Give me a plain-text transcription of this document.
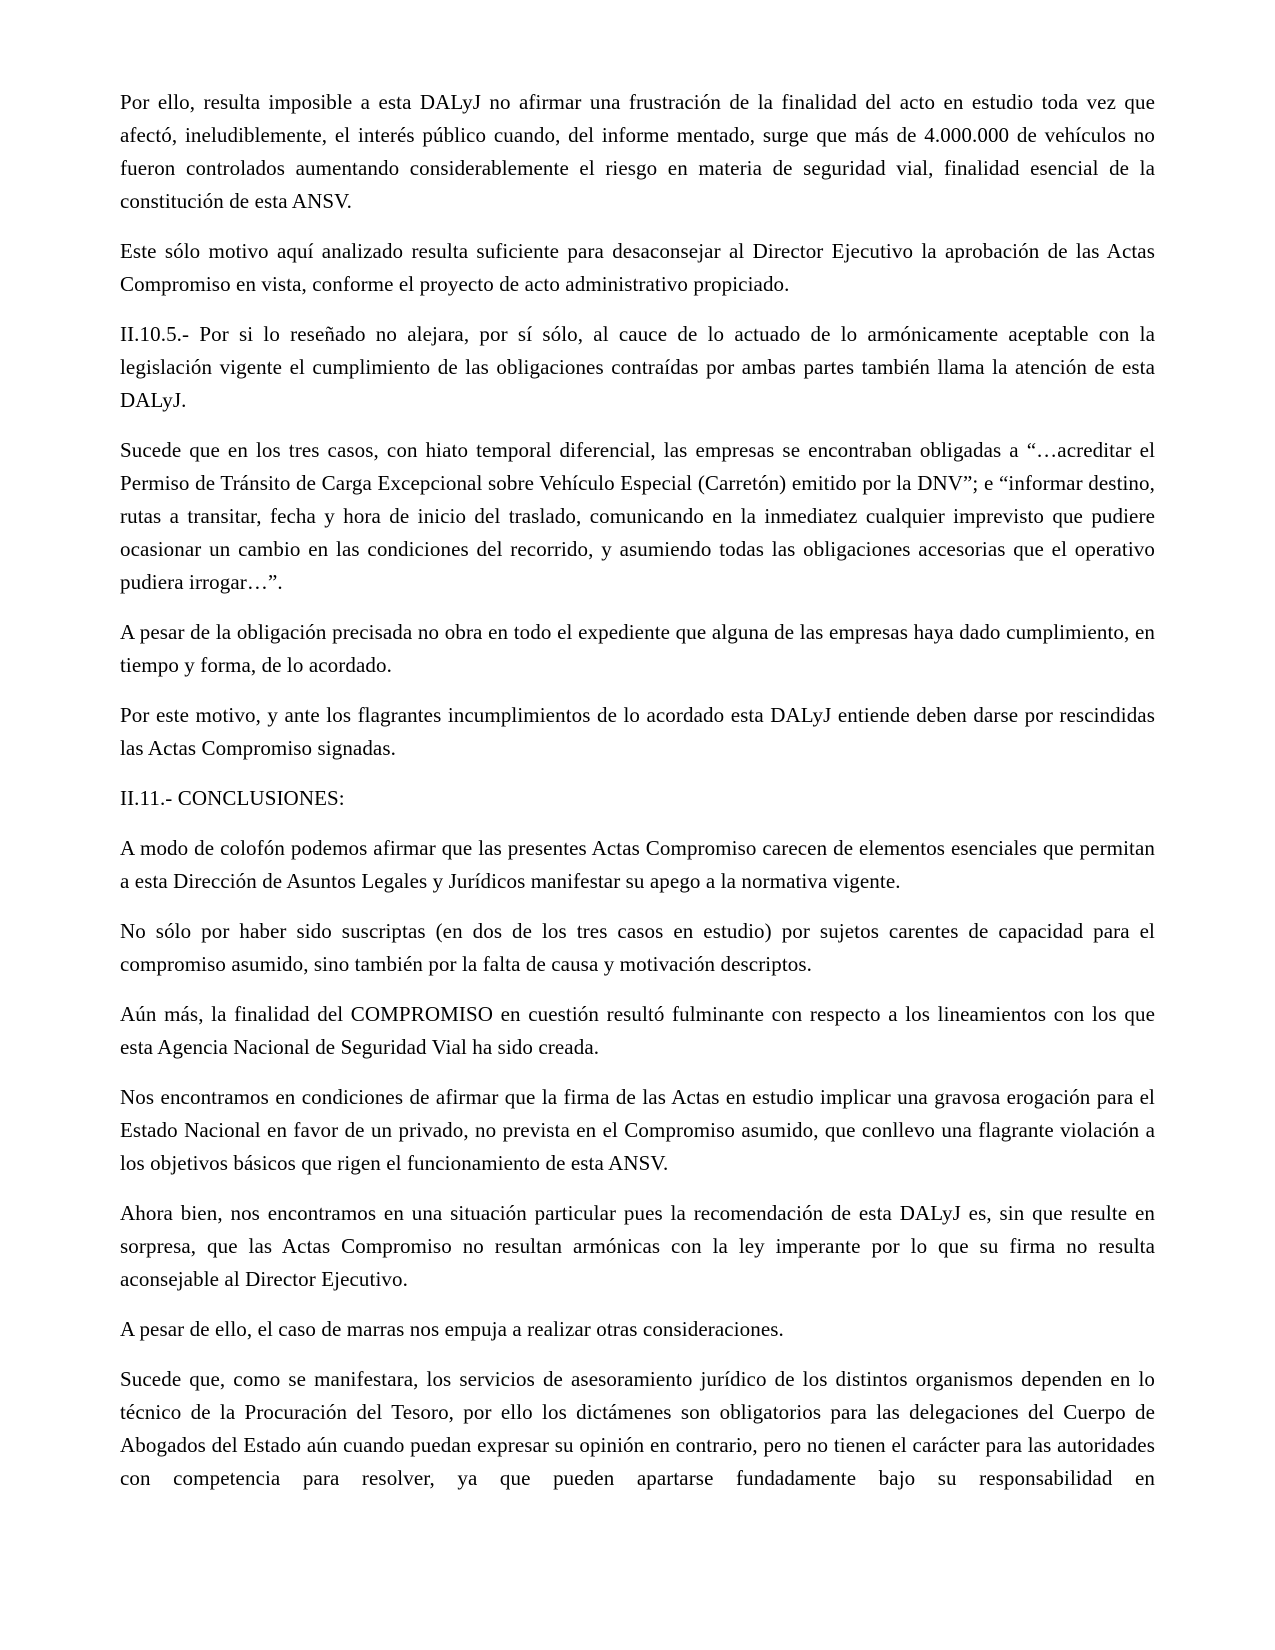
Por ello, resulta imposible a esta DALyJ no afirmar una frustración de la finalidad del acto en estudio toda vez que afectó, ineludiblemente, el interés público cuando, del informe mentado, surge que más de 4.000.000 de vehículos no fueron controlados aumentando considerablemente el riesgo en materia de seguridad vial, finalidad esencial de la constitución de esta ANSV.

Este sólo motivo aquí analizado resulta suficiente para desaconsejar al Director Ejecutivo la aprobación de las Actas Compromiso en vista, conforme el proyecto de acto administrativo propiciado.

II.10.5.- Por si lo reseñado no alejara, por sí sólo, al cauce de lo actuado de lo armónicamente aceptable con la legislación vigente el cumplimiento de las obligaciones contraídas por ambas partes también llama la atención de esta DALyJ.

Sucede que en los tres casos, con hiato temporal diferencial, las empresas se encontraban obligadas a “…acreditar el Permiso de Tránsito de Carga Excepcional sobre Vehículo Especial (Carretón) emitido por la DNV”; e “informar destino, rutas a transitar, fecha y hora de inicio del traslado, comunicando en la inmediatez cualquier imprevisto que pudiere ocasionar un cambio en las condiciones del recorrido, y asumiendo todas las obligaciones accesorias que el operativo pudiera irrogar…”.

A pesar de la obligación precisada no obra en todo el expediente que alguna de las empresas haya dado cumplimiento, en tiempo y forma, de lo acordado.

Por este motivo, y ante los flagrantes incumplimientos de lo acordado esta DALyJ entiende deben darse por rescindidas las Actas Compromiso signadas.

II.11.- CONCLUSIONES:

A modo de colofón podemos afirmar que las presentes Actas Compromiso carecen de elementos esenciales que permitan a esta Dirección de Asuntos Legales y Jurídicos manifestar su apego a la normativa vigente.

No sólo por haber sido suscriptas (en dos de los tres casos en estudio) por sujetos carentes de capacidad para el compromiso asumido, sino también por la falta de causa y motivación descriptos.

Aún más, la finalidad del COMPROMISO en cuestión resultó fulminante con respecto a los lineamientos con los que esta Agencia Nacional de Seguridad Vial ha sido creada.

Nos encontramos en condiciones de afirmar que la firma de las Actas en estudio implicar una gravosa erogación para el Estado Nacional en favor de un privado, no prevista en el Compromiso asumido, que conllevo una flagrante violación a los objetivos básicos que rigen el funcionamiento de esta ANSV.

Ahora bien, nos encontramos en una situación particular pues la recomendación de esta DALyJ es, sin que resulte en sorpresa, que las Actas Compromiso no resultan armónicas con la ley imperante por lo que su firma no resulta aconsejable al Director Ejecutivo.

A pesar de ello, el caso de marras nos empuja a realizar otras consideraciones.

Sucede que, como se manifestara, los servicios de asesoramiento jurídico de los distintos organismos dependen en lo técnico de la Procuración del Tesoro, por ello los dictámenes son obligatorios para las delegaciones del Cuerpo de Abogados del Estado aún cuando puedan expresar su opinión en contrario, pero no tienen el carácter para las autoridades con competencia para resolver, ya que pueden apartarse fundadamente bajo su responsabilidad en
